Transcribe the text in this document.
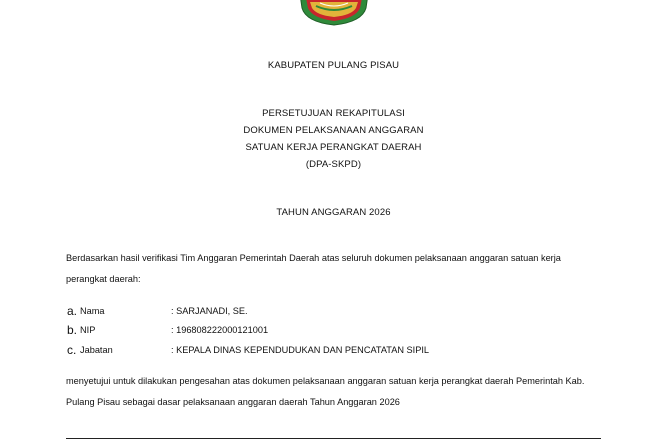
KABUPATEN PULANG PISAU
PERSETUJUAN REKAPITULASI
DOKUMEN PELAKSANAAN ANGGARAN
SATUAN KERJA PERANGKAT DAERAH
(DPA-SKPD)
TAHUN ANGGARAN 2026
Berdasarkan hasil verifikasi Tim Anggaran Pemerintah Daerah atas seluruh dokumen pelaksanaan anggaran satuan kerja
perangkat daerah:
a. Nama	: SARJANADI, SE.
b. NIP	: 196808222000121001
c. Jabatan	: KEPALA DINAS KEPENDUDUKAN DAN PENCATATAN SIPIL
menyetujui untuk dilakukan pengesahan atas dokumen pelaksanaan anggaran satuan kerja perangkat daerah Pemerintah Kab.
Pulang Pisau sebagai dasar pelaksanaan anggaran daerah Tahun Anggaran 2026
